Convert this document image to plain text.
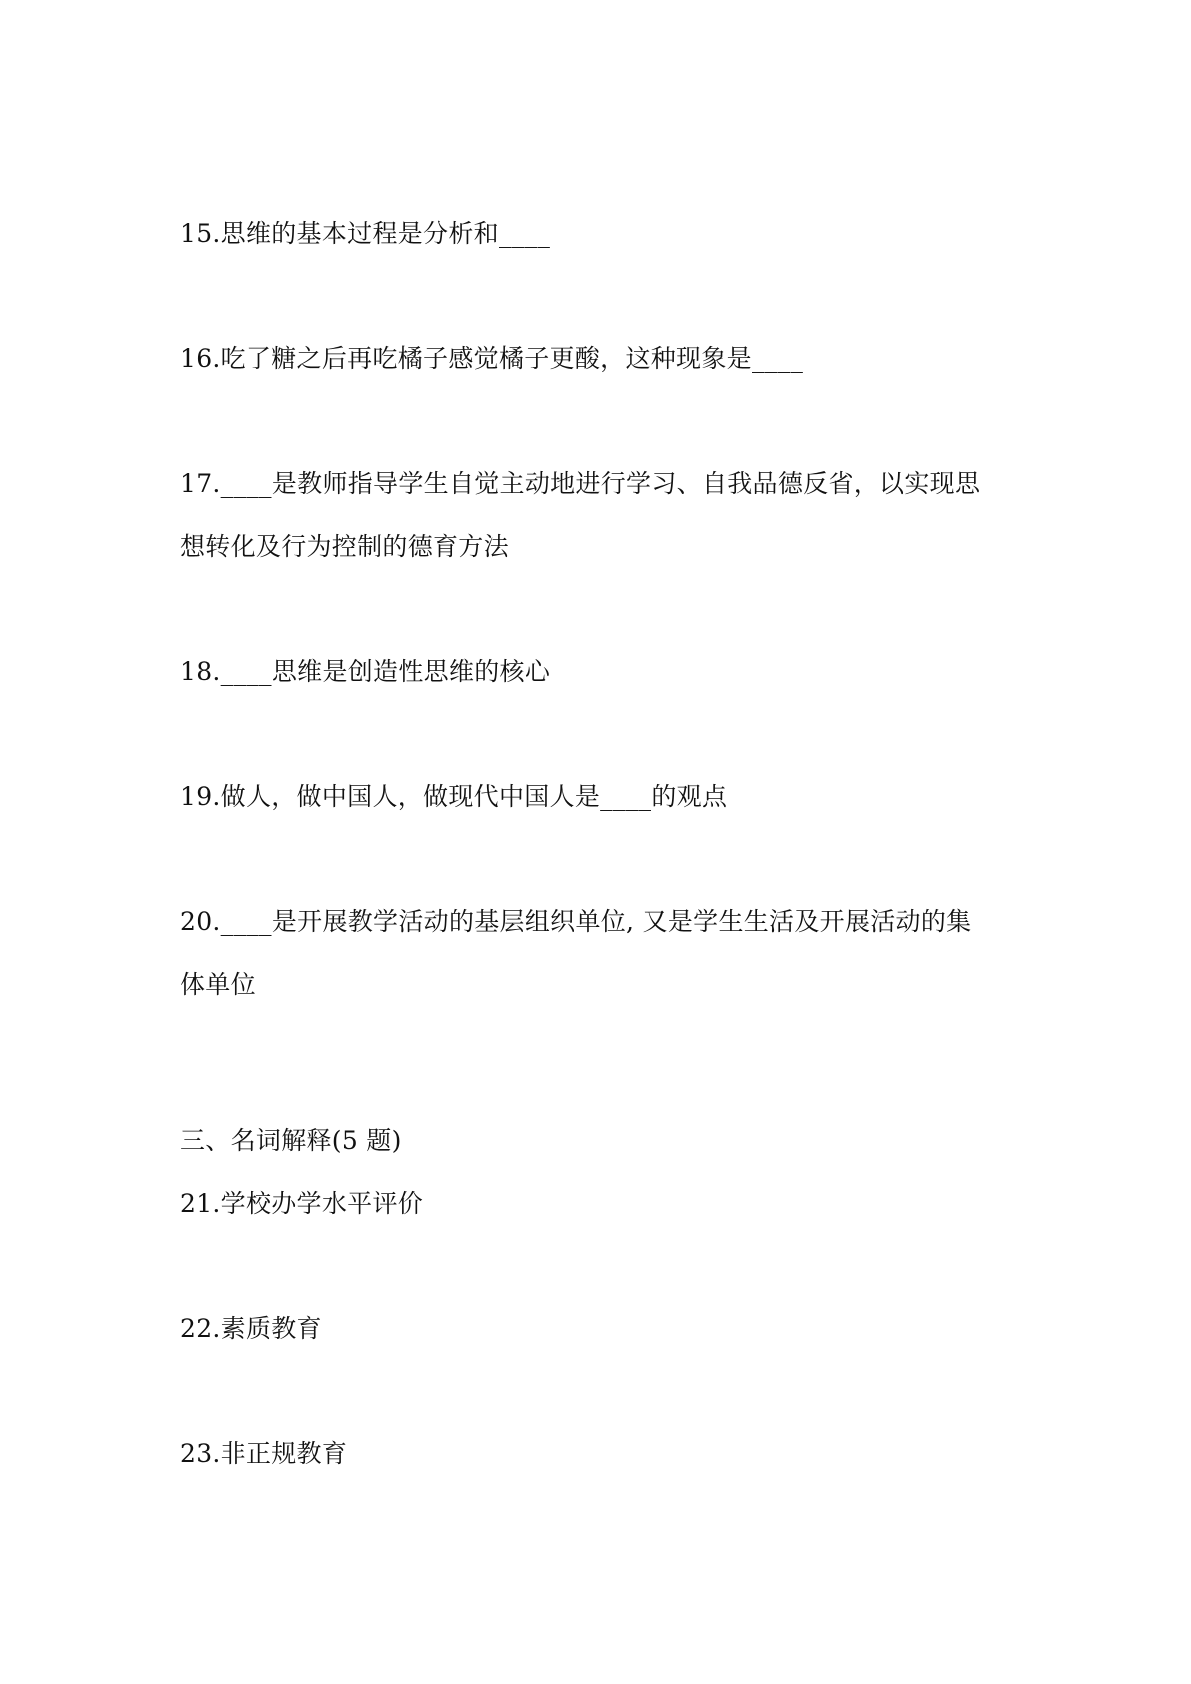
15.思维的基本过程是分析和____
16.吃了糖之后再吃橘子感觉橘子更酸，这种现象是____
17.____是教师指导学生自觉主动地进行学习、自我品德反省，以实现思
想转化及行为控制的德育方法
18.____思维是创造性思维的核心
19.做人，做中国人，做现代中国人是____的观点
20.____是开展教学活动的基层组织单位, 又是学生生活及开展活动的集
体单位
三、名词解释(5 题)
21.学校办学水平评价
22.素质教育
23.非正规教育
